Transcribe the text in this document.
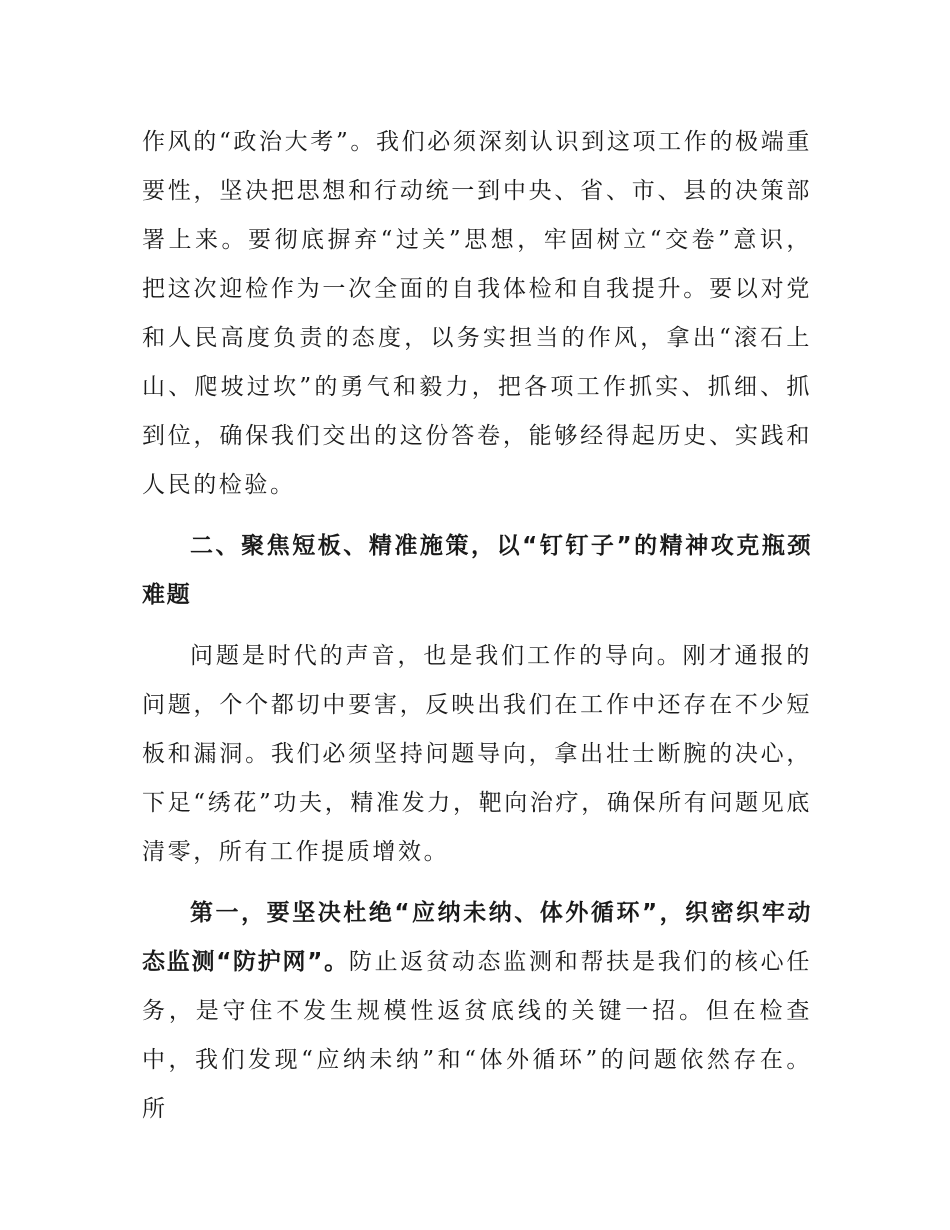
作风的“政治大考”。我们必须深刻认识到这项工作的极端重要性，坚决把思想和行动统一到中央、省、市、县的决策部署上来。要彻底摒弃“过关”思想，牢固树立“交卷”意识，把这次迎检作为一次全面的自我体检和自我提升。要以对党和人民高度负责的态度，以务实担当的作风，拿出“滚石上山、爬坡过坎”的勇气和毅力，把各项工作抓实、抓细、抓到位，确保我们交出的这份答卷，能够经得起历史、实践和人民的检验。

二、聚焦短板、精准施策，以“钉钉子”的精神攻克瓶颈难题

问题是时代的声音，也是我们工作的导向。刚才通报的问题，个个都切中要害，反映出我们在工作中还存在不少短板和漏洞。我们必须坚持问题导向，拿出壮士断腕的决心，下足“绣花”功夫，精准发力，靶向治疗，确保所有问题见底清零，所有工作提质增效。

第一，要坚决杜绝“应纳未纳、体外循环”，织密织牢动态监测“防护网”。防止返贫动态监测和帮扶是我们的核心任务，是守住不发生规模性返贫底线的关键一招。但在检查中，我们发现“应纳未纳”和“体外循环”的问题依然存在。所
